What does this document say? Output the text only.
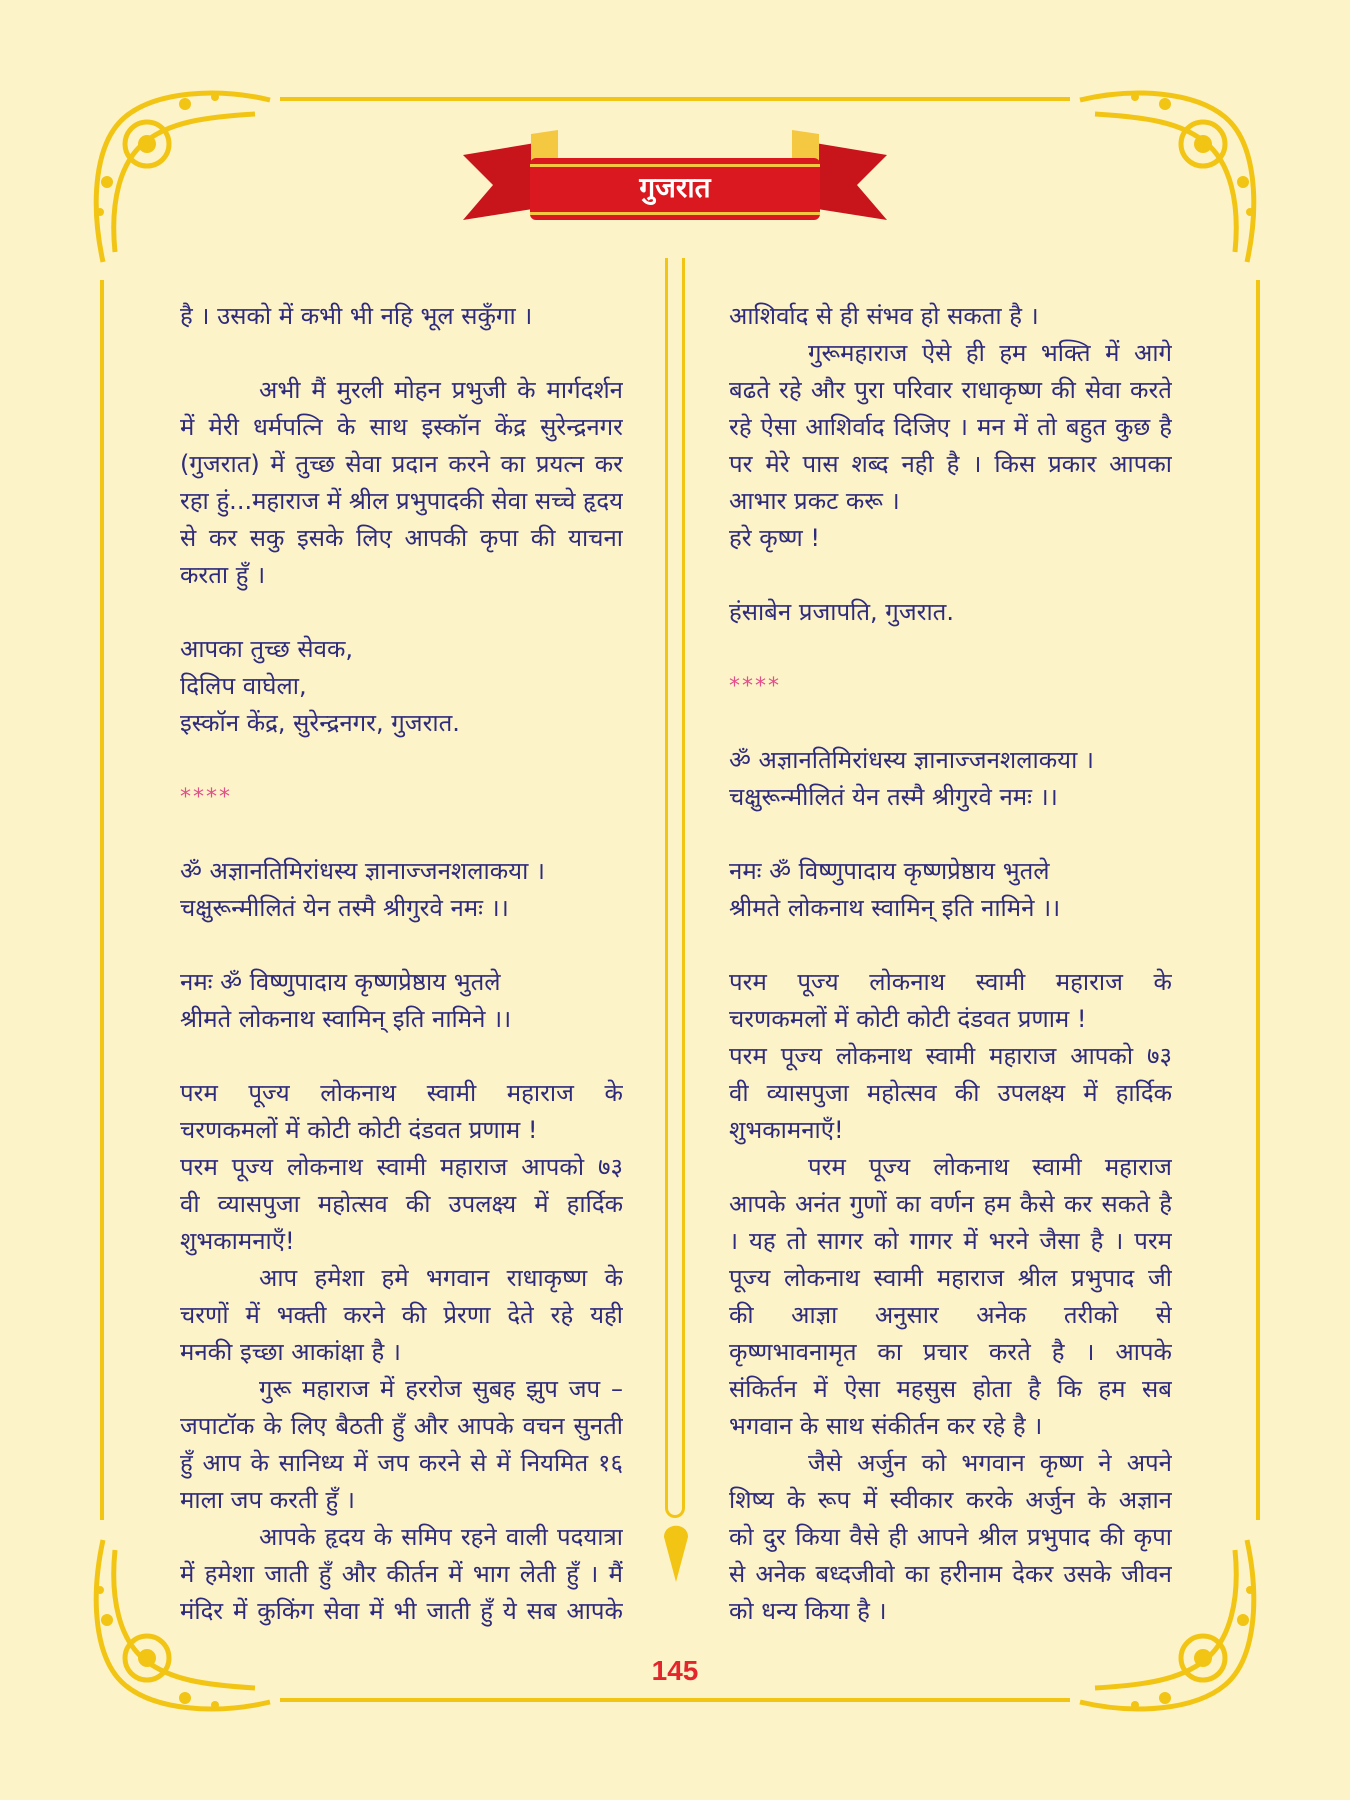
गुजरात
है । उसको में कभी भी नहि भूल सकुँगा ।
अभी मैं मुरली मोहन प्रभुजी के मार्गदर्शन
में मेरी धर्मपत्नि के साथ इस्कॉन केंद्र सुरेन्द्रनगर
(गुजरात) में तुच्छ सेवा प्रदान करने का प्रयत्न कर
रहा हुं...महाराज में श्रील प्रभुपादकी सेवा सच्चे हृदय
से कर सकु इसके लिए आपकी कृपा की याचना
करता हुँ ।
आपका तुच्छ सेवक,
दिलिप वाघेला,
इस्कॉन केंद्र, सुरेन्द्रनगर, गुजरात.
****
ॐ अज्ञानतिमिरांधस्य ज्ञानाज्जनशलाकया ।
चक्षुरून्मीलितं येन तस्मै श्रीगुरवे नमः ।।
नमः ॐ विष्णुपादाय कृष्णप्रेष्ठाय भुतले
श्रीमते लोकनाथ स्वामिन् इति नामिने ।।
परम पूज्य लोकनाथ स्वामी महाराज के
चरणकमलों में कोटी कोटी दंडवत प्रणाम !
परम पूज्य लोकनाथ स्वामी महाराज आपको ७३
वी व्यासपुजा महोत्सव की उपलक्ष्य में हार्दिक
शुभकामनाएँ!
आप हमेशा हमे भगवान राधाकृष्ण के
चरणों में भक्ती करने की प्रेरणा देते रहे यही
मनकी इच्छा आकांक्षा है ।
गुरू महाराज में हररोज सुबह झुप जप –
जपाटॉक के लिए बैठती हुँ और आपके वचन सुनती
हुँ आप के सानिध्य में जप करने से में नियमित १६
माला जप करती हुँ ।
आपके हृदय के समिप रहने वाली पदयात्रा
में हमेशा जाती हुँ और कीर्तन में भाग लेती हुँ । मैं
मंदिर में कुकिंग सेवा में भी जाती हुँ ये सब आपके
आशिर्वाद से ही संभव हो सकता है ।
गुरूमहाराज ऐसे ही हम भक्ति में आगे
बढते रहे और पुरा परिवार राधाकृष्ण की सेवा करते
रहे ऐसा आशिर्वाद दिजिए । मन में तो बहुत कुछ है
पर मेरे पास शब्द नही है । किस प्रकार आपका
आभार प्रकट करू ।
हरे कृष्ण !
हंसाबेन प्रजापति, गुजरात.
****
ॐ अज्ञानतिमिरांधस्य ज्ञानाज्जनशलाकया ।
चक्षुरून्मीलितं येन तस्मै श्रीगुरवे नमः ।।
नमः ॐ विष्णुपादाय कृष्णप्रेष्ठाय भुतले
श्रीमते लोकनाथ स्वामिन् इति नामिने ।।
परम पूज्य लोकनाथ स्वामी महाराज के
चरणकमलों में कोटी कोटी दंडवत प्रणाम !
परम पूज्य लोकनाथ स्वामी महाराज आपको ७३
वी व्यासपुजा महोत्सव की उपलक्ष्य में हार्दिक
शुभकामनाएँ!
परम पूज्य लोकनाथ स्वामी महाराज
आपके अनंत गुणों का वर्णन हम कैसे कर सकते है
। यह तो सागर को गागर में भरने जैसा है । परम
पूज्य लोकनाथ स्वामी महाराज श्रील प्रभुपाद जी
की आज्ञा अनुसार अनेक तरीको से
कृष्णभावनामृत का प्रचार करते है । आपके
संकिर्तन में ऐसा महसुस होता है कि हम सब
भगवान के साथ संकीर्तन कर रहे है ।
जैसे अर्जुन को भगवान कृष्ण ने अपने
शिष्य के रूप में स्वीकार करके अर्जुन के अज्ञान
को दुर किया वैसे ही आपने श्रील प्रभुपाद की कृपा
से अनेक बध्दजीवो का हरीनाम देकर उसके जीवन
को धन्य किया है ।
145
